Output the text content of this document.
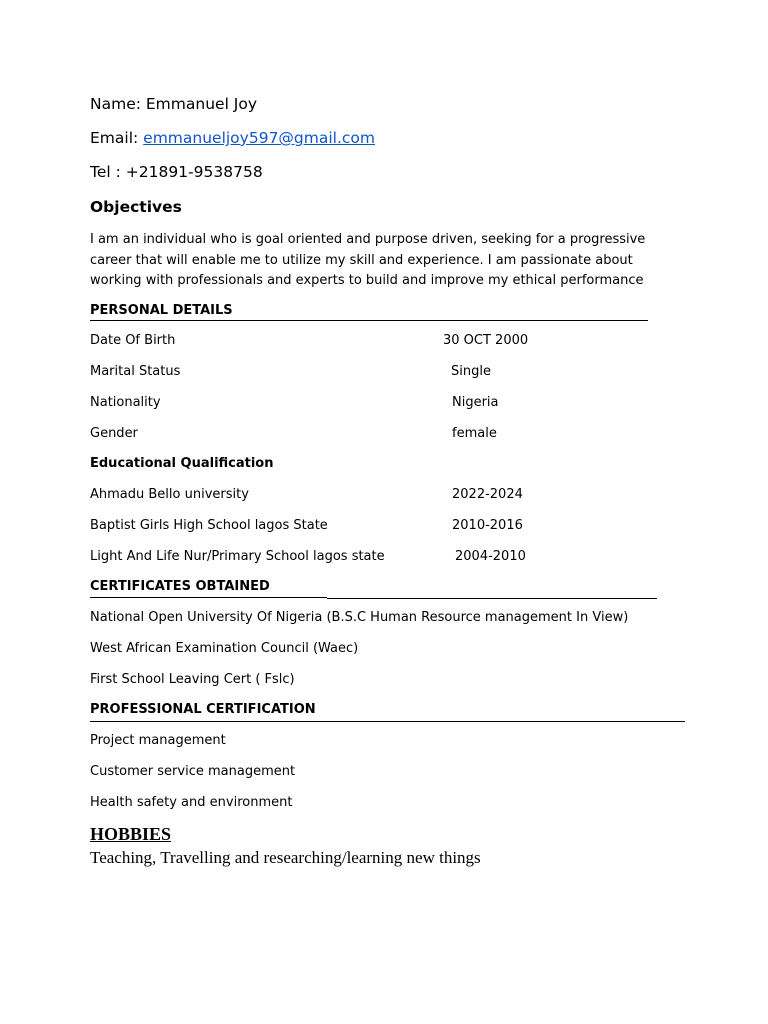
Name: Emmanuel Joy
Email: emmanueljoy597@gmail.com
Tel : +21891-9538758
Objectives
I am an individual who is goal oriented and purpose driven, seeking for a progressive career that will enable me to utilize my skill and experience. I am passionate about working with professionals and experts to build and improve my ethical performance
PERSONAL DETAILS
Date Of Birth	30 OCT 2000
Marital Status	Single
Nationality	Nigeria
Gender	female
Educational Qualification
Ahmadu Bello university	2022-2024
Baptist Girls High School lagos State	2010-2016
Light And Life Nur/Primary School lagos state	2004-2010
CERTIFICATES OBTAINED
National Open University Of Nigeria (B.S.C Human Resource management In View)
West African Examination Council (Waec)
First School Leaving Cert ( Fslc)
PROFESSIONAL CERTIFICATION
Project management
Customer service management
Health safety and environment
HOBBIES
Teaching, Travelling and researching/learning new things
